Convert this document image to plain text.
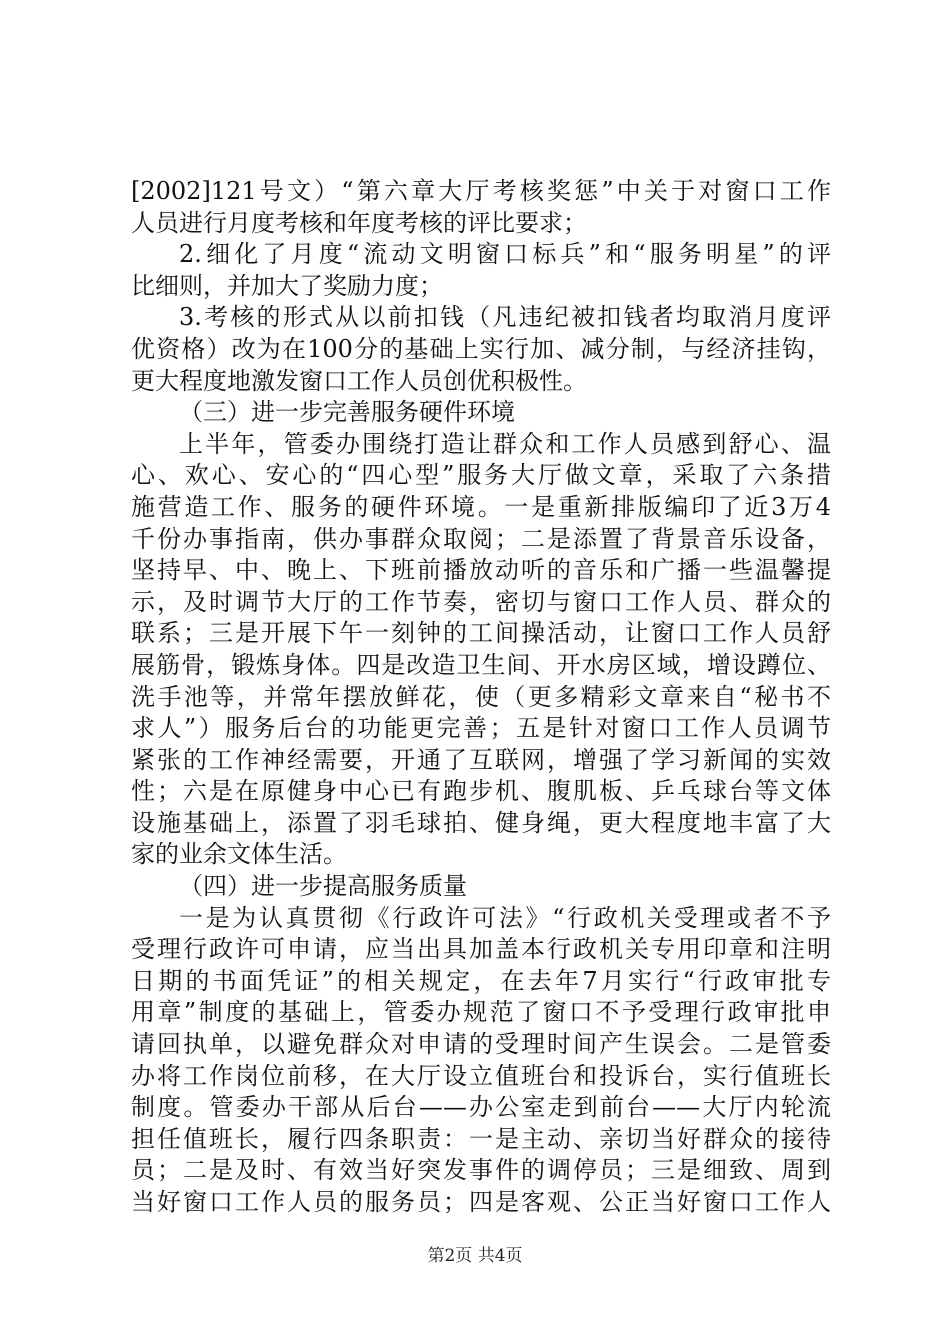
[2002]121号文）“第六章大厅考核奖惩”中关于对窗口工作
人员进行月度考核和年度考核的评比要求；
2.细化了月度“流动文明窗口标兵”和“服务明星”的评
比细则，并加大了奖励力度；
3.考核的形式从以前扣钱（凡违纪被扣钱者均取消月度评
优资格）改为在100分的基础上实行加、减分制，与经济挂钩，
更大程度地激发窗口工作人员创优积极性。
（三）进一步完善服务硬件环境
上半年，管委办围绕打造让群众和工作人员感到舒心、温
心、欢心、安心的“四心型”服务大厅做文章，采取了六条措
施营造工作、服务的硬件环境。一是重新排版编印了近3万4
千份办事指南，供办事群众取阅；二是添置了背景音乐设备，
坚持早、中、晚上、下班前播放动听的音乐和广播一些温馨提
示，及时调节大厅的工作节奏，密切与窗口工作人员、群众的
联系；三是开展下午一刻钟的工间操活动，让窗口工作人员舒
展筋骨，锻炼身体。四是改造卫生间、开水房区域，增设蹲位、
洗手池等，并常年摆放鲜花，使（更多精彩文章来自“秘书不
求人”）服务后台的功能更完善；五是针对窗口工作人员调节
紧张的工作神经需要，开通了互联网，增强了学习新闻的实效
性；六是在原健身中心已有跑步机、腹肌板、乒乓球台等文体
设施基础上，添置了羽毛球拍、健身绳，更大程度地丰富了大
家的业余文体生活。
（四）进一步提高服务质量
一是为认真贯彻《行政许可法》“行政机关受理或者不予
受理行政许可申请，应当出具加盖本行政机关专用印章和注明
日期的书面凭证”的相关规定，在去年7月实行“行政审批专
用章”制度的基础上，管委办规范了窗口不予受理行政审批申
请回执单，以避免群众对申请的受理时间产生误会。二是管委
办将工作岗位前移，在大厅设立值班台和投诉台，实行值班长
制度。管委办干部从后台——办公室走到前台——大厅内轮流
担任值班长，履行四条职责：一是主动、亲切当好群众的接待
员；二是及时、有效当好突发事件的调停员；三是细致、周到
当好窗口工作人员的服务员；四是客观、公正当好窗口工作人
第2页 共4页
